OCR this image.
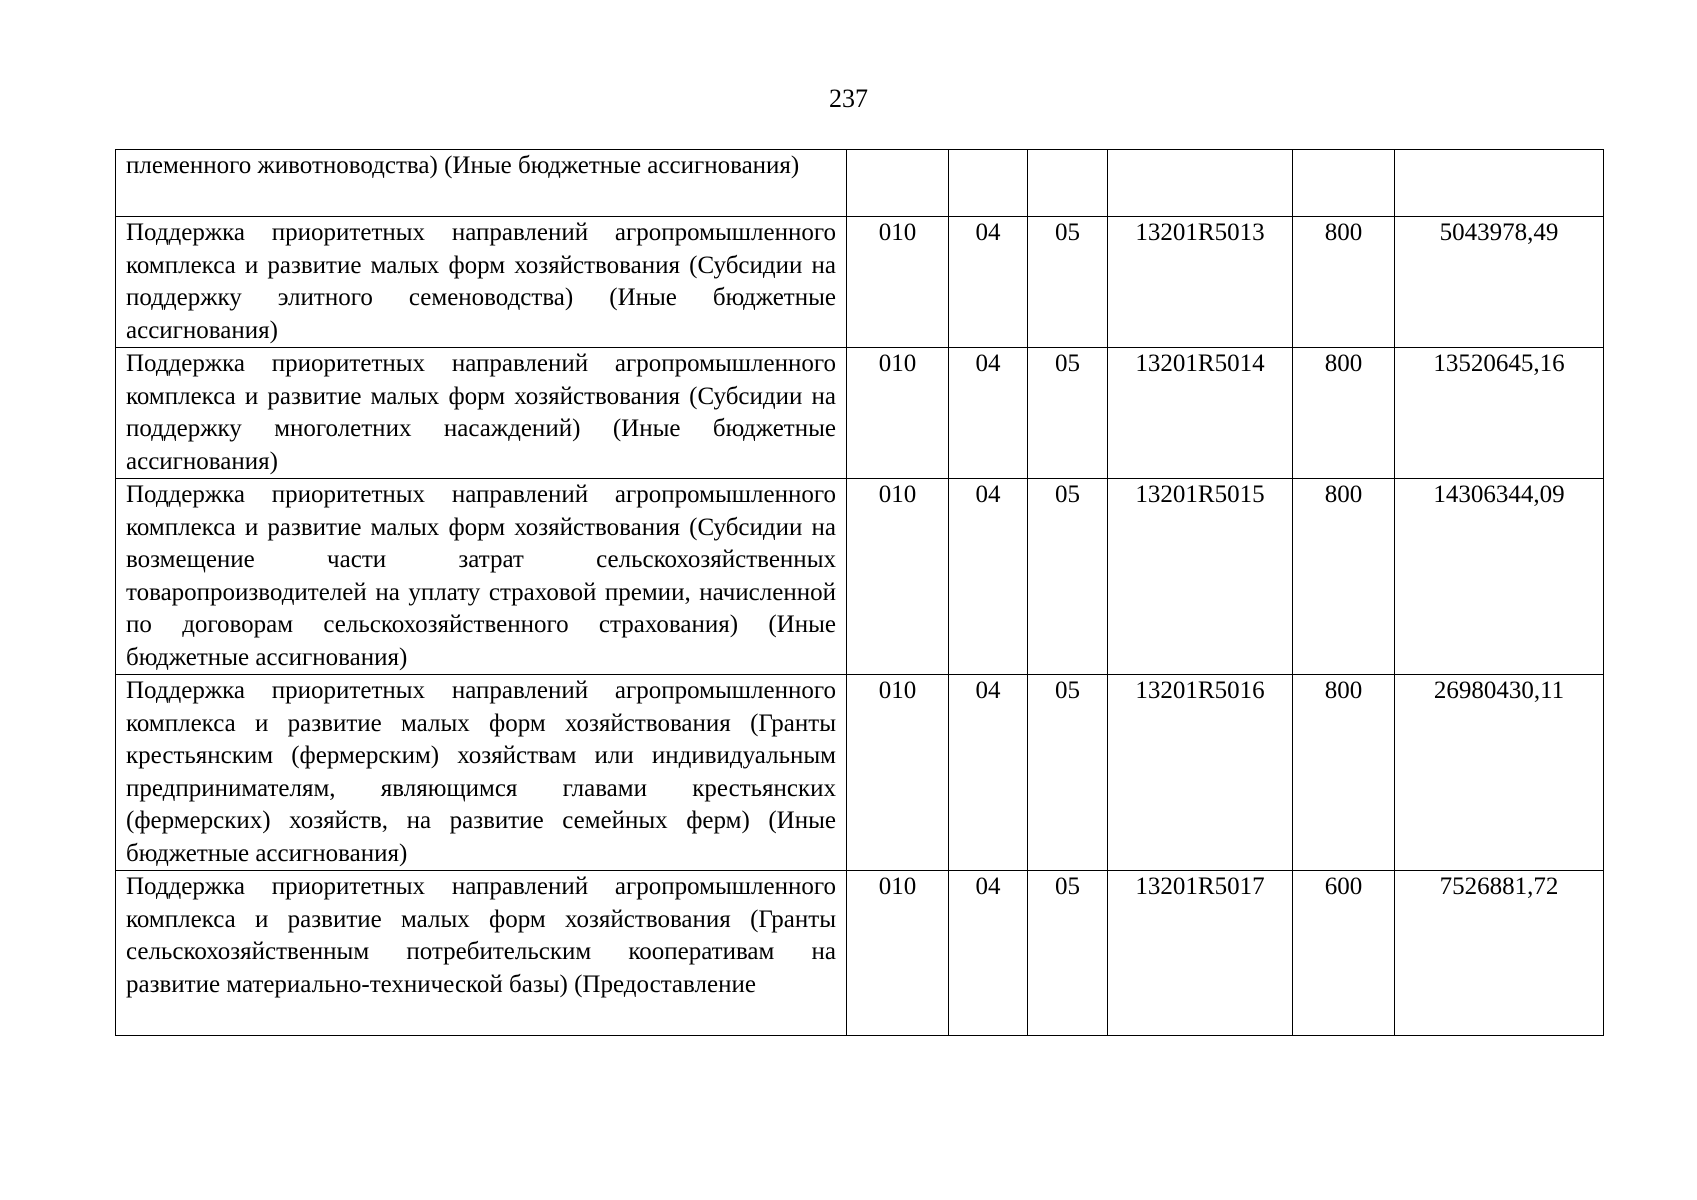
237
племенного животноводства) (Иные бюджетные ассигнования)						
Поддержка приоритетных направлений агропромышленного комплекса и развитие малых форм хозяйствования (Субсидии на поддержку элитного семеноводства) (Иные бюджетные ассигнования)	010	04	05	13201R5013	800	5043978,49
Поддержка приоритетных направлений агропромышленного комплекса и развитие малых форм хозяйствования (Субсидии на поддержку многолетних насаждений) (Иные бюджетные ассигнования)	010	04	05	13201R5014	800	13520645,16
Поддержка приоритетных направлений агропромышленного комплекса и развитие малых форм хозяйствования (Субсидии на возмещение части затрат сельскохозяйственных товаропроизводителей на уплату страховой премии, начисленной по договорам сельскохозяйственного страхования) (Иные бюджетные ассигнования)	010	04	05	13201R5015	800	14306344,09
Поддержка приоритетных направлений агропромышленного комплекса и развитие малых форм хозяйствования (Гранты крестьянским (фермерским) хозяйствам или индивидуальным предпринимателям, являющимся главами крестьянских (фермерских) хозяйств, на развитие семейных ферм) (Иные бюджетные ассигнования)	010	04	05	13201R5016	800	26980430,11
Поддержка приоритетных направлений агропромышленного комплекса и развитие малых форм хозяйствования (Гранты сельскохозяйственным потребительским кооперативам на развитие материально-технической базы) (Предоставление	010	04	05	13201R5017	600	7526881,72
